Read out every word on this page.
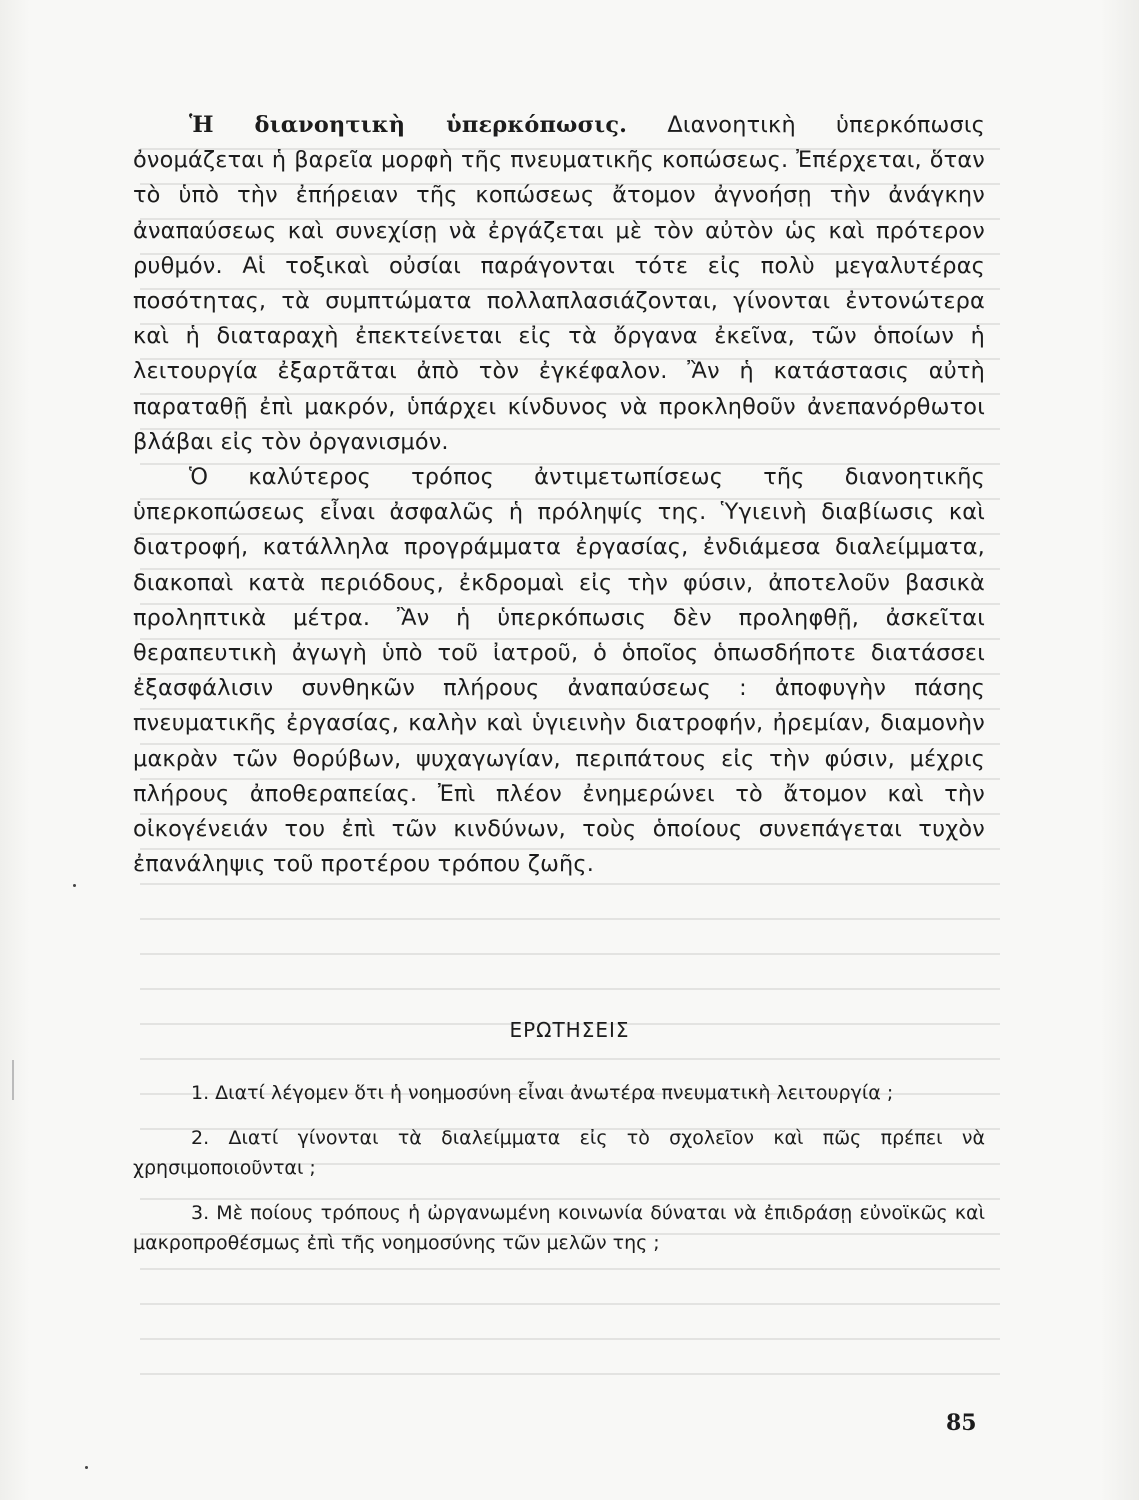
Ἡ διανοητικὴ ὑπερκόπωσις. Διανοητικὴ ὑπερκόπωσις ὀνομάζεται ἡ βαρεῖα μορφὴ τῆς πνευματικῆς κοπώσεως. Ἐπέρχεται, ὅταν τὸ ὑπὸ τὴν ἐπήρειαν τῆς κοπώσεως ἄτομον ἀγνοήσῃ τὴν ἀνάγκην ἀναπαύσεως καὶ συνεχίσῃ νὰ ἐργάζεται μὲ τὸν αὐτὸν ὡς καὶ πρότερον ρυθμόν. Αἱ τοξικαὶ οὐσίαι παράγονται τότε εἰς πολὺ μεγαλυτέρας ποσότητας, τὰ συμπτώματα πολλαπλασιάζονται, γίνονται ἐντονώτερα καὶ ἡ διαταραχὴ ἐπεκτείνεται εἰς τὰ ὄργανα ἐκεῖνα, τῶν ὁποίων ἡ λειτουργία ἐξαρτᾶται ἀπὸ τὸν ἐγκέφαλον. Ἂν ἡ κατάστασις αὐτὴ παραταθῇ ἐπὶ μακρόν, ὑπάρχει κίνδυνος νὰ προκληθοῦν ἀνεπανόρθωτοι βλάβαι εἰς τὸν ὀργανισμόν.

Ὁ καλύτερος τρόπος ἀντιμετωπίσεως τῆς διανοητικῆς ὑπερκοπώσεως εἶναι ἀσφαλῶς ἡ πρόληψίς της. Ὑγιεινὴ διαβίωσις καὶ διατροφή, κατάλληλα προγράμματα ἐργασίας, ἐνδιάμεσα διαλείμματα, διακοπαὶ κατὰ περιόδους, ἐκδρομαὶ εἰς τὴν φύσιν, ἀποτελοῦν βασικὰ προληπτικὰ μέτρα. Ἂν ἡ ὑπερκόπωσις δὲν προληφθῇ, ἀσκεῖται θεραπευτικὴ ἀγωγὴ ὑπὸ τοῦ ἰατροῦ, ὁ ὁποῖος ὁπωσδήποτε διατάσσει ἐξασφάλισιν συνθηκῶν πλήρους ἀναπαύσεως : ἀποφυγὴν πάσης πνευματικῆς ἐργασίας, καλὴν καὶ ὑγιεινὴν διατροφήν, ἠρεμίαν, διαμονὴν μακρὰν τῶν θορύβων, ψυχαγωγίαν, περιπάτους εἰς τὴν φύσιν, μέχρις πλήρους ἀποθεραπείας. Ἐπὶ πλέον ἐνημερώνει τὸ ἄτομον καὶ τὴν οἰκογένειάν του ἐπὶ τῶν κινδύνων, τοὺς ὁποίους συνεπάγεται τυχὸν ἐπανάληψις τοῦ προτέρου τρόπου ζωῆς.

ΕΡΩΤΗΣΕΙΣ

1. Διατί λέγομεν ὅτι ἡ νοημοσύνη εἶναι ἀνωτέρα πνευματικὴ λειτουργία ;

2. Διατί γίνονται τὰ διαλείμματα εἰς τὸ σχολεῖον καὶ πῶς πρέπει νὰ χρησιμοποιοῦνται ;

3. Μὲ ποίους τρόπους ἡ ὠργανωμένη κοινωνία δύναται νὰ ἐπιδράσῃ εὐνοϊκῶς καὶ μακροπροθέσμως ἐπὶ τῆς νοημοσύνης τῶν μελῶν της ;

85
